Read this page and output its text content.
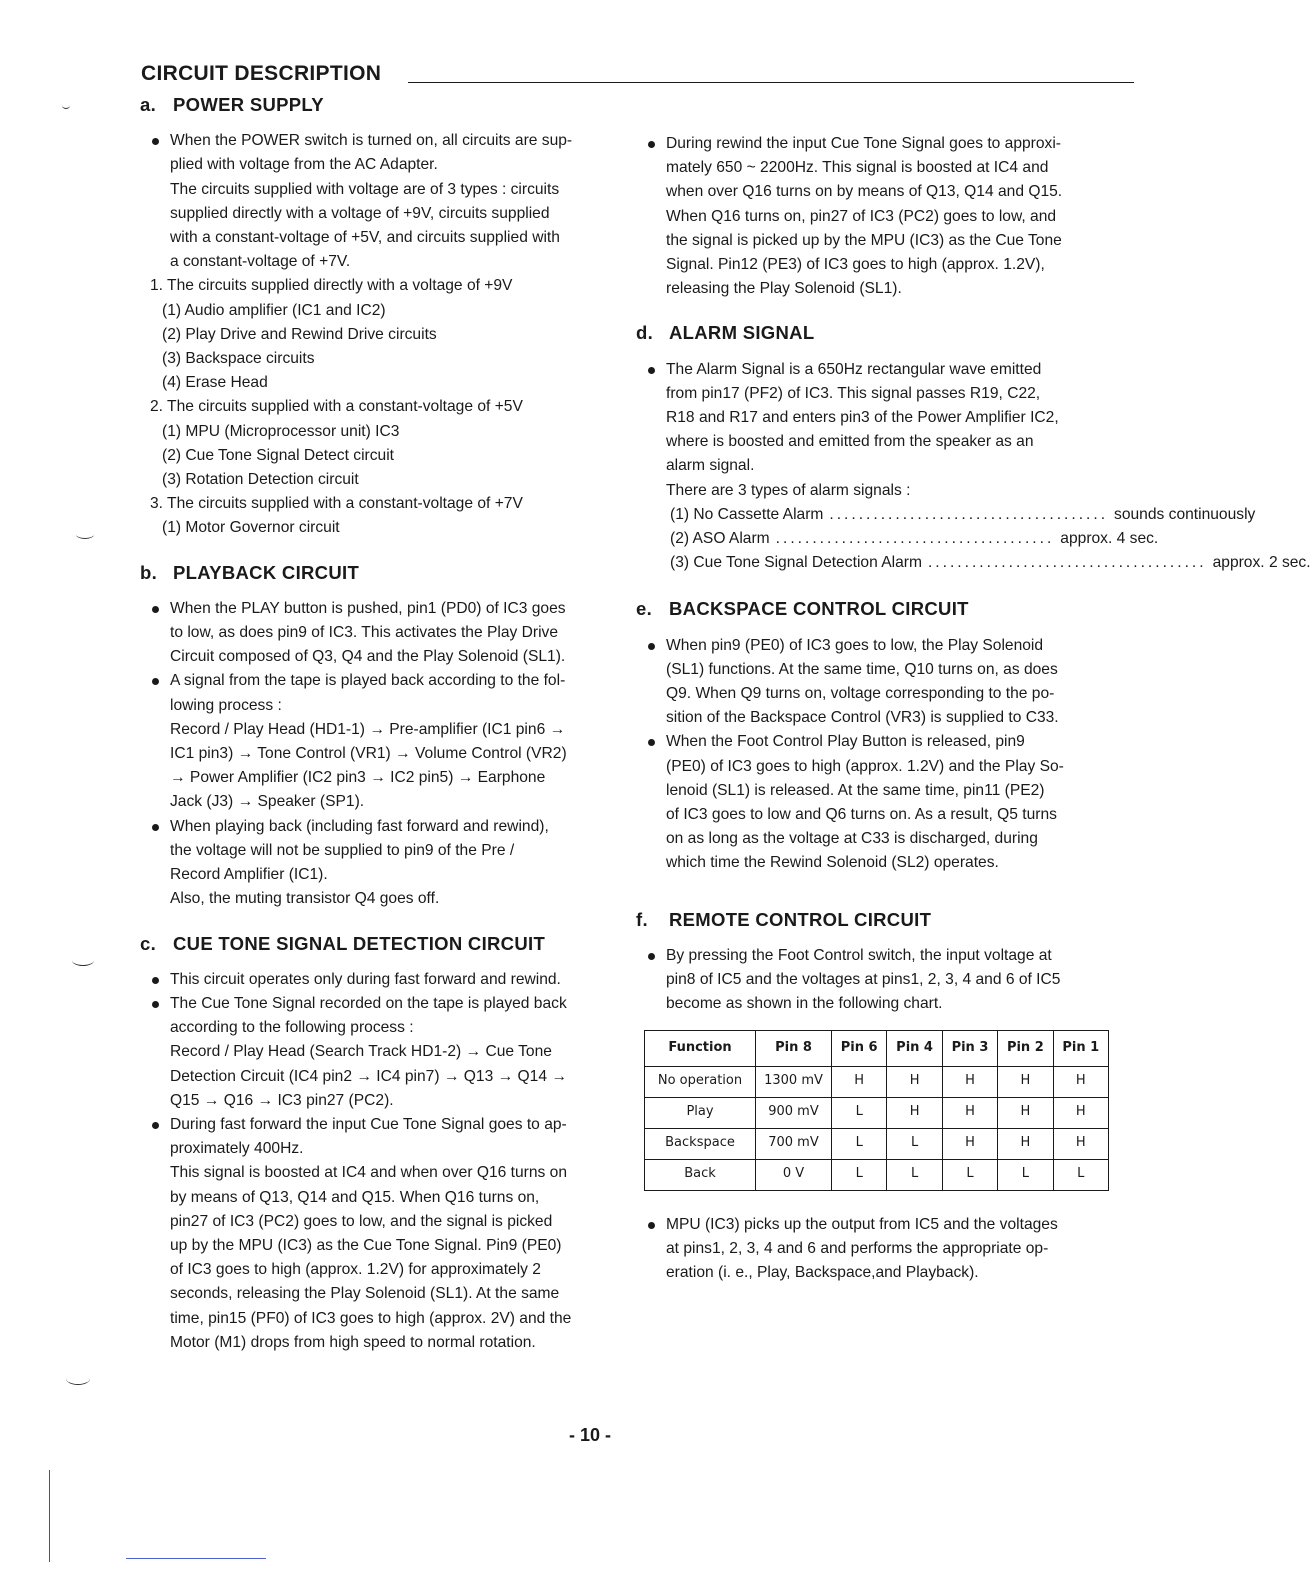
CIRCUIT DESCRIPTION
a. POWER SUPPLY
When the POWER switch is turned on, all circuits are sup-
plied with voltage from the AC Adapter.
The circuits supplied with voltage are of 3 types : circuits
supplied directly with a voltage of +9V, circuits supplied
with a constant-voltage of +5V, and circuits supplied with
a constant-voltage of +7V.
1. The circuits supplied directly with a voltage of +9V
(1) Audio amplifier (IC1 and IC2)
(2) Play Drive and Rewind Drive circuits
(3) Backspace circuits
(4) Erase Head
2. The circuits supplied with a constant-voltage of +5V
(1) MPU (Microprocessor unit) IC3
(2) Cue Tone Signal Detect circuit
(3) Rotation Detection circuit
3. The circuits supplied with a constant-voltage of +7V
(1) Motor Governor circuit
b. PLAYBACK CIRCUIT
When the PLAY button is pushed, pin1 (PD0) of IC3 goes
to low, as does pin9 of IC3. This activates the Play Drive
Circuit composed of Q3, Q4 and the Play Solenoid (SL1).
A signal from the tape is played back according to the fol-
lowing process :
Record / Play Head (HD1-1) → Pre-amplifier (IC1 pin6 →
IC1 pin3) → Tone Control (VR1) → Volume Control (VR2)
→ Power Amplifier (IC2 pin3 → IC2 pin5) → Earphone
Jack (J3) → Speaker (SP1).
When playing back (including fast forward and rewind),
the voltage will not be supplied to pin9 of the Pre /
Record Amplifier (IC1).
Also, the muting transistor Q4 goes off.
c. CUE TONE SIGNAL DETECTION CIRCUIT
This circuit operates only during fast forward and rewind.
The Cue Tone Signal recorded on the tape is played back
according to the following process :
Record / Play Head (Search Track HD1-2) → Cue Tone
Detection Circuit (IC4 pin2 → IC4 pin7) → Q13 → Q14 →
Q15 → Q16 → IC3 pin27 (PC2).
During fast forward the input Cue Tone Signal goes to ap-
proximately 400Hz.
This signal is boosted at IC4 and when over Q16 turns on
by means of Q13, Q14 and Q15. When Q16 turns on,
pin27 of IC3 (PC2) goes to low, and the signal is picked
up by the MPU (IC3) as the Cue Tone Signal. Pin9 (PE0)
of IC3 goes to high (approx. 1.2V) for approximately 2
seconds, releasing the Play Solenoid (SL1). At the same
time, pin15 (PF0) of IC3 goes to high (approx. 2V) and the
Motor (M1) drops from high speed to normal rotation.
During rewind the input Cue Tone Signal goes to approxi-
mately 650 ~ 2200Hz. This signal is boosted at IC4 and
when over Q16 turns on by means of Q13, Q14 and Q15.
When Q16 turns on, pin27 of IC3 (PC2) goes to low, and
the signal is picked up by the MPU (IC3) as the Cue Tone
Signal. Pin12 (PE3) of IC3 goes to high (approx. 1.2V),
releasing the Play Solenoid (SL1).
d. ALARM SIGNAL
The Alarm Signal is a 650Hz rectangular wave emitted
from pin17 (PF2) of IC3. This signal passes R19, C22,
R18 and R17 and enters pin3 of the Power Amplifier IC2,
where is boosted and emitted from the speaker as an
alarm signal.
There are 3 types of alarm signals :
(1) No Cassette Alarm ...................................... sounds continuously
(2) ASO Alarm ...................................... approx. 4 sec.
(3) Cue Tone Signal Detection Alarm ...................................... approx. 2 sec.
e. BACKSPACE CONTROL CIRCUIT
When pin9 (PE0) of IC3 goes to low, the Play Solenoid
(SL1) functions. At the same time, Q10 turns on, as does
Q9. When Q9 turns on, voltage corresponding to the po-
sition of the Backspace Control (VR3) is supplied to C33.
When the Foot Control Play Button is released, pin9
(PE0) of IC3 goes to high (approx. 1.2V) and the Play So-
lenoid (SL1) is released. At the same time, pin11 (PE2)
of IC3 goes to low and Q6 turns on. As a result, Q5 turns
on as long as the voltage at C33 is discharged, during
which time the Rewind Solenoid (SL2) operates.
f. REMOTE CONTROL CIRCUIT
By pressing the Foot Control switch, the input voltage at
pin8 of IC5 and the voltages at pins1, 2, 3, 4 and 6 of IC5
become as shown in the following chart.
Function	Pin 8	Pin 6	Pin 4	Pin 3	Pin 2	Pin 1
No operation	1300 mV	H	H	H	H	H
Play	900 mV	L	H	H	H	H
Backspace	700 mV	L	L	H	H	H
Back	0 V	L	L	L	L	L
MPU (IC3) picks up the output from IC5 and the voltages
at pins1, 2, 3, 4 and 6 and performs the appropriate op-
eration (i. e., Play, Backspace,and Playback).
- 10 -
